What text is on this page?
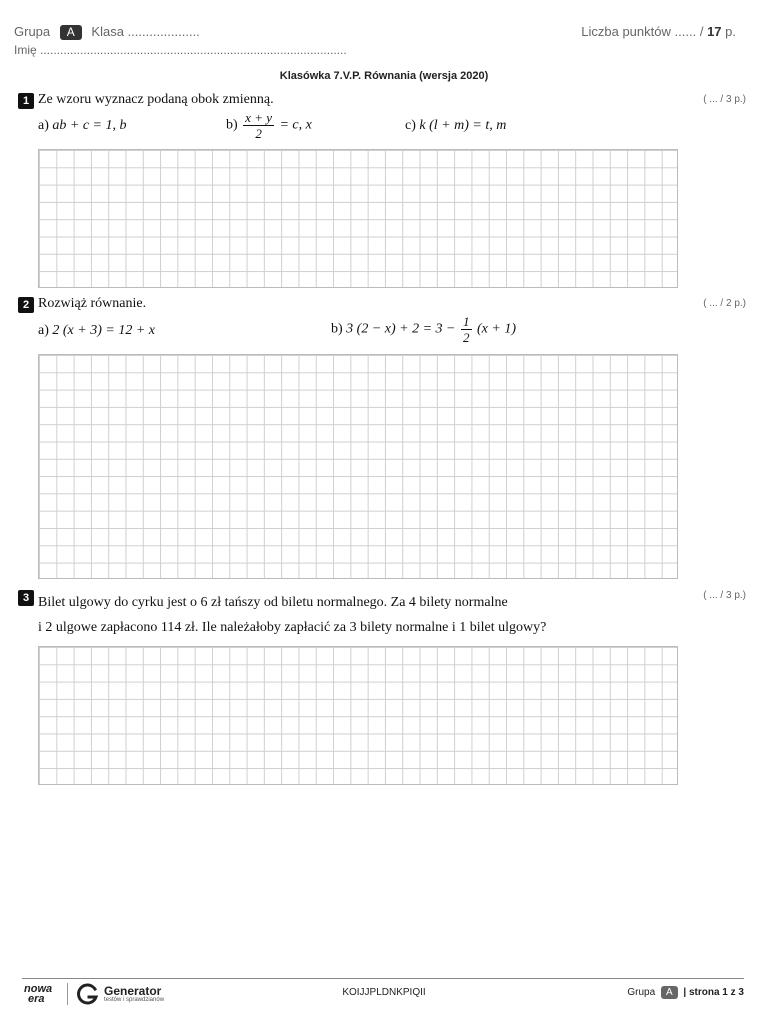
Grupa A Klasa ....................	Liczba punktów ...... / 17 p.
Imię ............................................................................................
Klasówka 7.V.P. Równania (wersja 2020)
1 Ze wzoru wyznacz podaną obok zmienną.	( ... / 3 p.)
a) ab + c = 1, b	$b) \frac{x + y}{2} = c$, x	c) k (l + m) = t, m
2 Rozwiąż równanie.	( ... / 2 p.)
a) 2 (x + 3) = 12 + x	b) 3 $(2 - x) + 2 = 3 - \frac{1}{2} (x + 1)$
3 Bilet ulgowy do cyrku jest o 6 zł tańszy od biletu normalnego. Za 4 bilety normalne
i 2 ulgowe zapłacono 114 zł. Ile należałoby zapłacić za 3 bilety normalne i 1 bilet ulgowy?
( ... / 3 p.)
nowa
era
Generator
testów i sprawdzianów
KOIJJPLDNKPIQII	Grupa A | strona 1 z 3
